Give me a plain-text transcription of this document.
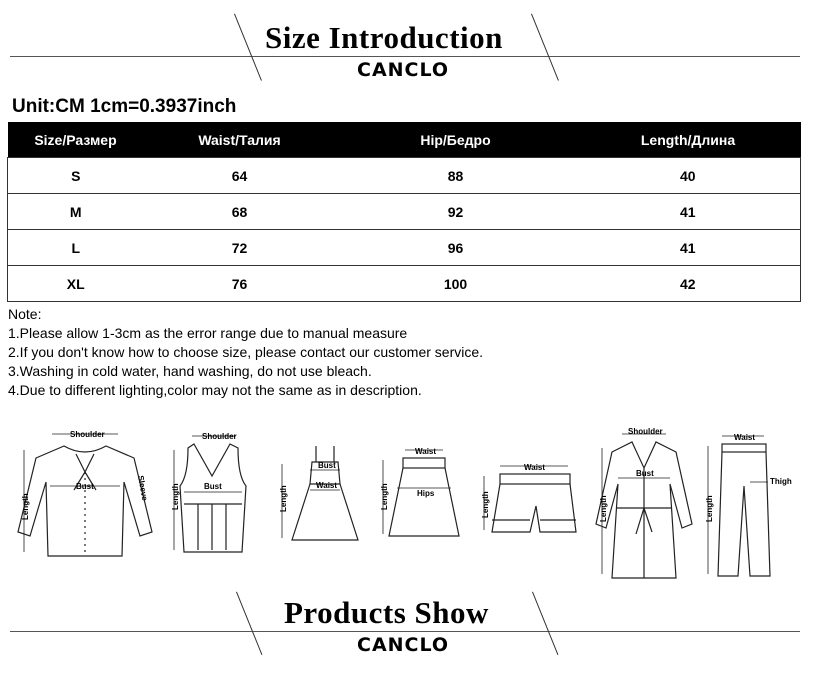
Size Introduction
CANCLO
Unit:CM 1cm=0.3937inch
Size/Размер	Waist/Талия	Hip/Бедро	Length/Длина
S	64	88	40
M	68	92	41
L	72	96	41
XL	76	100	42
Note:
1.Please allow 1-3cm as the error range due to manual measure
2.If you don't know how to choose size, please contact our customer service.
3.Washing in cold water, hand washing, do not use bleach.
4.Due to different lighting,color may not the same as in description.
Shoulder
Bust
Length
Sleeve
Shoulder
Bust
Length
Bust
Waist
Length
Waist
Hips
Length
Waist
Length
Shoulder
Bust
Length
Waist
Thigh
Length
Products Show
CANCLO
